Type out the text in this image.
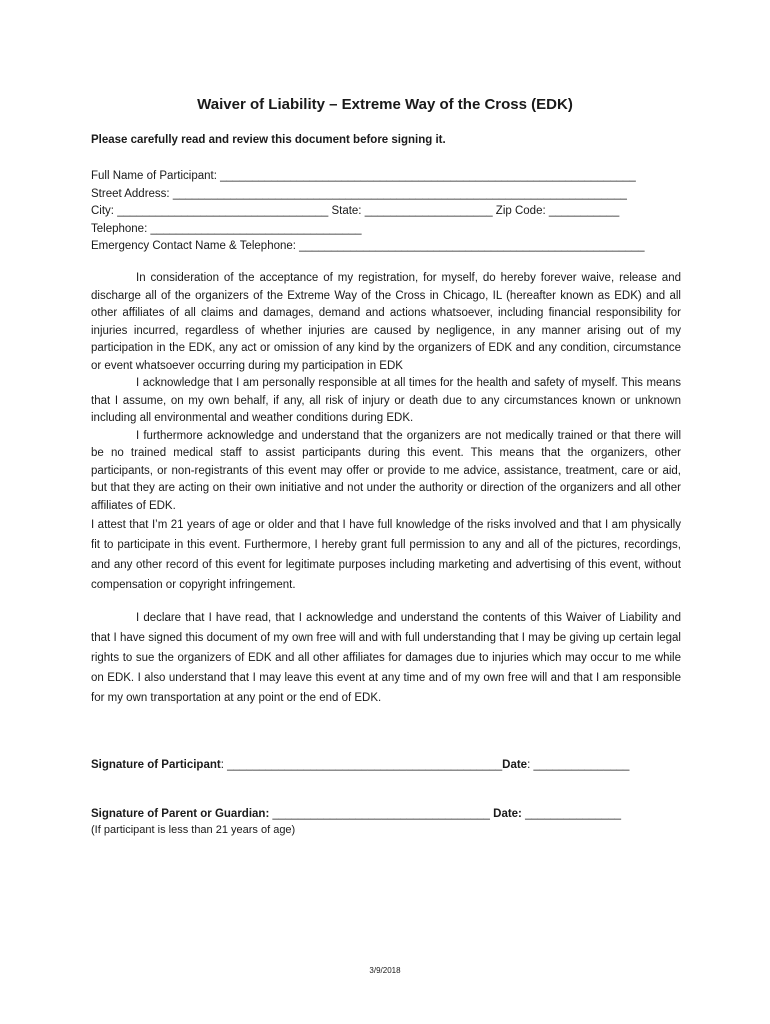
Waiver of Liability – Extreme Way of the Cross (EDK)
Please carefully read and review this document before signing it.
Full Name of Participant: _________________________________________________________________
Street Address: _______________________________________________________________________
City: _________________________________ State: ____________________ Zip Code: ___________
Telephone: _________________________________
Emergency Contact Name & Telephone: ______________________________________________________

In consideration of the acceptance of my registration, for myself, do hereby forever waive, release and discharge all of the organizers of the Extreme Way of the Cross in Chicago, IL (hereafter known as EDK) and all other affiliates of all claims and damages, demand and actions whatsoever, including financial responsibility for injuries incurred, regardless of whether injuries are caused by negligence, in any manner arising out of my participation in the EDK, any act or omission of any kind by the organizers of EDK and any condition, circumstance or event whatsoever occurring during my participation in EDK

I acknowledge that I am personally responsible at all times for the health and safety of myself. This means that I assume, on my own behalf, if any, all risk of injury or death due to any circumstances known or unknown including all environmental and weather conditions during EDK.

I furthermore acknowledge and understand that the organizers are not medically trained or that there will be no trained medical staff to assist participants during this event. This means that the organizers, other participants, or non-registrants of this event may offer or provide to me advice, assistance, treatment, care or aid, but that they are acting on their own initiative and not under the authority or direction of the organizers and all other affiliates of EDK.

I attest that I’m 21 years of age or older and that I have full knowledge of the risks involved and that I am physically fit to participate in this event. Furthermore, I hereby grant full permission to any and all of the pictures, recordings, and any other record of this event for legitimate purposes including marketing and advertising of this event, without compensation or copyright infringement.

I declare that I have read, that I acknowledge and understand the contents of this Waiver of Liability and that I have signed this document of my own free will and with full understanding that I may be giving up certain legal rights to sue the organizers of EDK and all other affiliates for damages due to injuries which may occur to me while on EDK. I also understand that I may leave this event at any time and of my own free will and that I am responsible for my own transportation at any point or the end of EDK.

Signature of Participant: ___________________________________________Date: _______________
Signature of Parent or Guardian: __________________________________ Date: _______________
(If participant is less than 21 years of age)
3/9/2018
